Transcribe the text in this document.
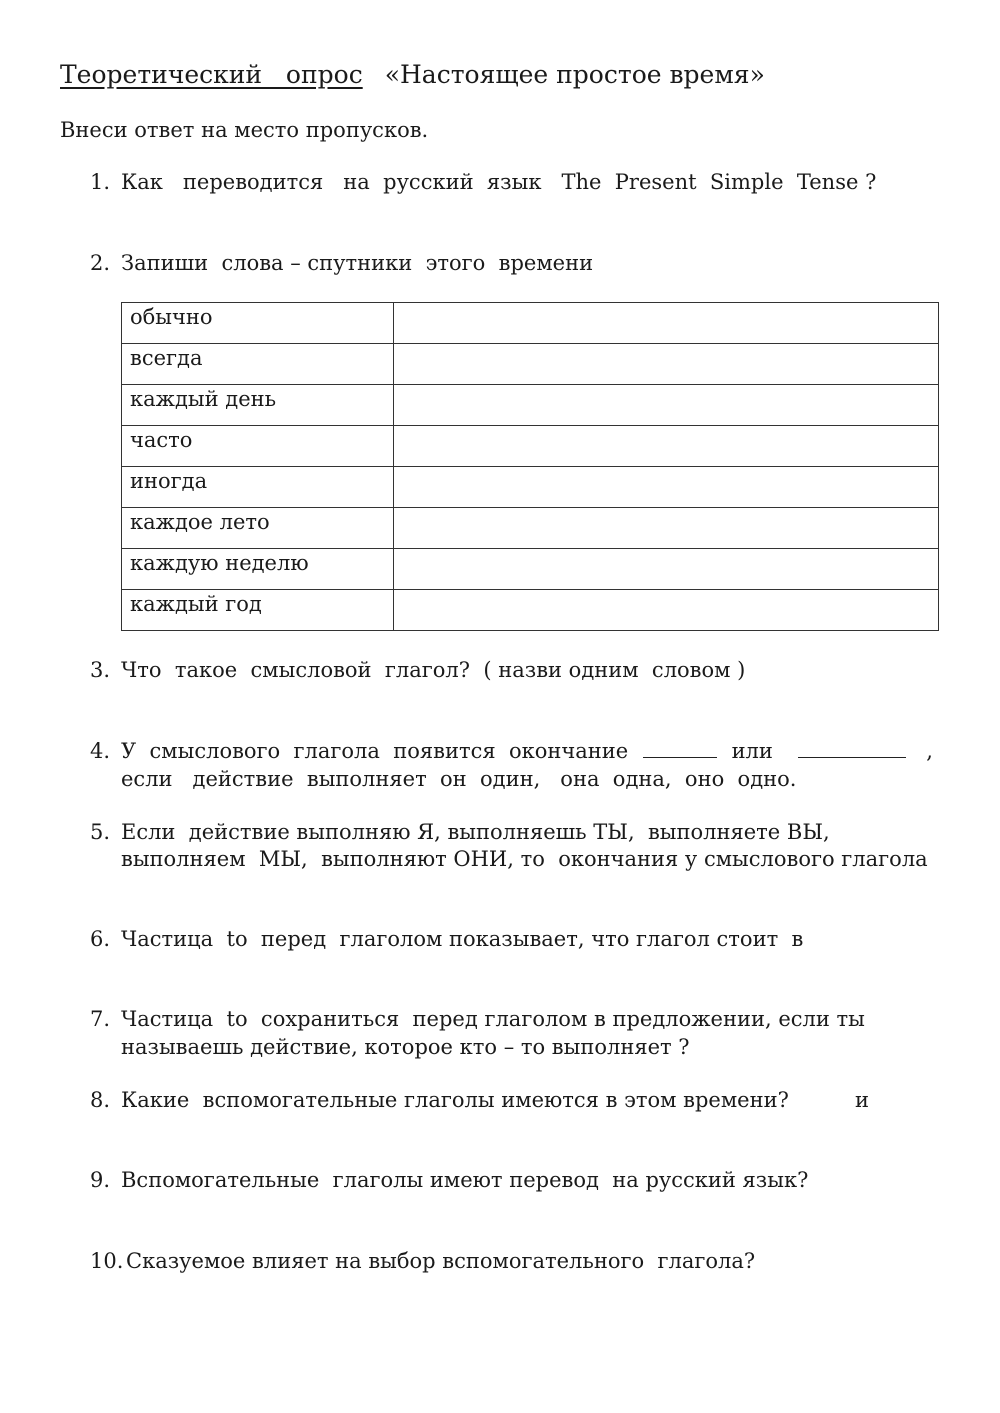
Теоретический   опрос «Настоящее простое время»
Внеси ответ на место пропусков.
1. Как   переводится   на  русский  язык   The  Present  Simple  Tense ?
2. Запиши  слова – спутники  этого  времени
обычно	
всегда	
каждый день	
часто	
иногда	
каждое лето	
каждую неделю	
каждый год	
3. Что  такое  смысловой  глагол?  ( назви одним  словом )
4. У  смыслового  глагола  появится  окончание	или	,
если   действие  выполняет  он  один,   она  одна,  оно  одно.
5. Если  действие выполняю Я, выполняешь ТЫ,  выполняете ВЫ,
выполняем  МЫ,  выполняют ОНИ, то  окончания у смыслового глагола
6. Частица  to  перед  глаголом показывает, что глагол стоит  в
7. Частица  to  сохраниться  перед глаголом в предложении, если ты
называешь действие, которое кто – то выполняет ?
8. Какие  вспомогательные глаголы имеются в этом времени?	и
9. Вспомогательные  глаголы имеют перевод  на русский язык?
10. Сказуемое влияет на выбор вспомогательного  глагола?
